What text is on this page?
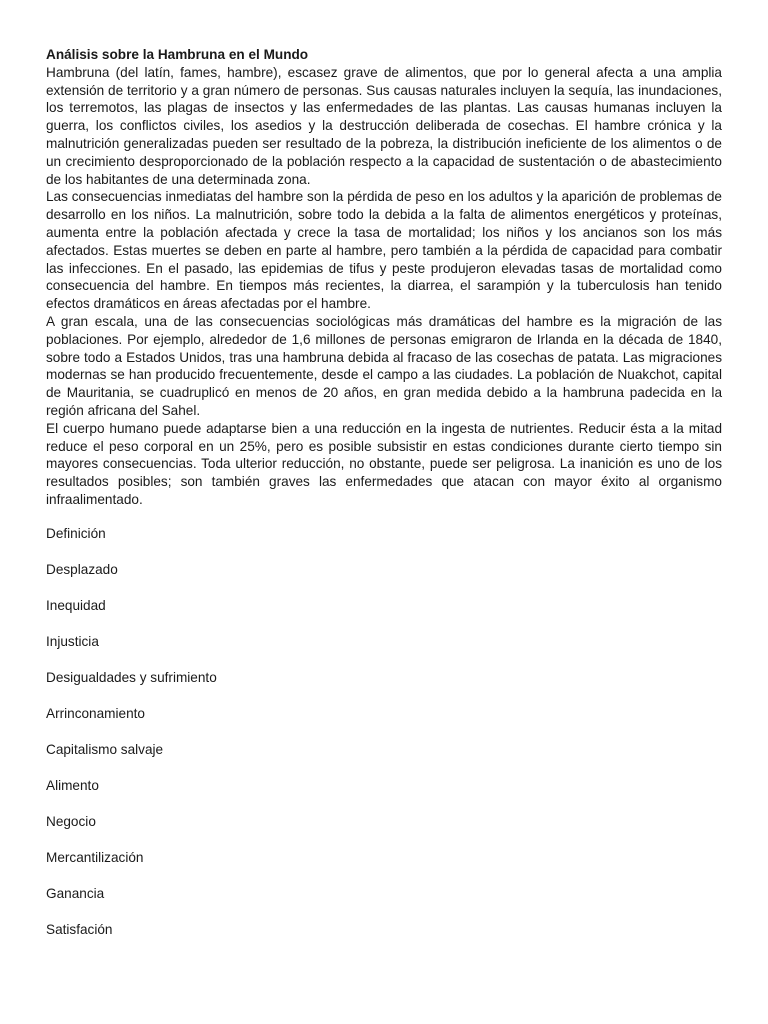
Análisis sobre la Hambruna en el Mundo

Hambruna (del latín, fames, hambre), escasez grave de alimentos, que por lo general afecta a una amplia extensión de territorio y a gran número de personas. Sus causas naturales incluyen la sequía, las inundaciones, los terremotos, las plagas de insectos y las enfermedades de las plantas. Las causas humanas incluyen la guerra, los conflictos civiles, los asedios y la destrucción deliberada de cosechas. El hambre crónica y la malnutrición generalizadas pueden ser resultado de la pobreza, la distribución ineficiente de los alimentos o de un crecimiento desproporcionado de la población respecto a la capacidad de sustentación o de abastecimiento de los habitantes de una determinada zona.

Las consecuencias inmediatas del hambre son la pérdida de peso en los adultos y la aparición de problemas de desarrollo en los niños. La malnutrición, sobre todo la debida a la falta de alimentos energéticos y proteínas, aumenta entre la población afectada y crece la tasa de mortalidad; los niños y los ancianos son los más afectados. Estas muertes se deben en parte al hambre, pero también a la pérdida de capacidad para combatir las infecciones. En el pasado, las epidemias de tifus y peste produjeron elevadas tasas de mortalidad como consecuencia del hambre. En tiempos más recientes, la diarrea, el sarampión y la tuberculosis han tenido efectos dramáticos en áreas afectadas por el hambre.

A gran escala, una de las consecuencias sociológicas más dramáticas del hambre es la migración de las poblaciones. Por ejemplo, alrededor de 1,6 millones de personas emigraron de Irlanda en la década de 1840, sobre todo a Estados Unidos, tras una hambruna debida al fracaso de las cosechas de patata. Las migraciones modernas se han producido frecuentemente, desde el campo a las ciudades. La población de Nuakchot, capital de Mauritania, se cuadruplicó en menos de 20 años, en gran medida debido a la hambruna padecida en la región africana del Sahel.

El cuerpo humano puede adaptarse bien a una reducción en la ingesta de nutrientes. Reducir ésta a la mitad reduce el peso corporal en un 25%, pero es posible subsistir en estas condiciones durante cierto tiempo sin mayores consecuencias. Toda ulterior reducción, no obstante, puede ser peligrosa. La inanición es uno de los resultados posibles; son también graves las enfermedades que atacan con mayor éxito al organismo infraalimentado.

Definición
Desplazado
Inequidad
Injusticia
Desigualdades y sufrimiento
Arrinconamiento
Capitalismo salvaje
Alimento
Negocio
Mercantilización
Ganancia
Satisfación
